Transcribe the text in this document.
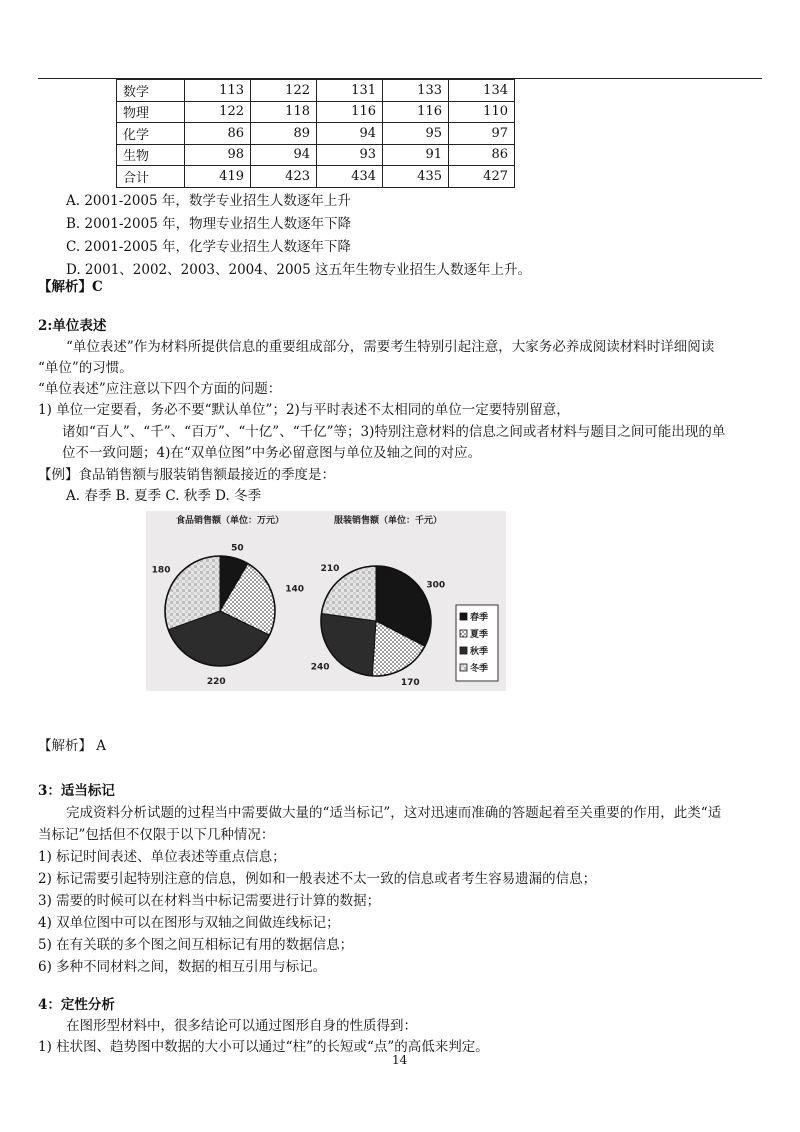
数学	113	122	131	133	134
物理	122	118	116	116	110
化学	86	89	94	95	97
生物	98	94	93	91	86
合计	419	423	434	435	427
A. 2001-2005 年，数学专业招生人数逐年上升
B. 2001-2005 年，物理专业招生人数逐年下降
C. 2001-2005 年，化学专业招生人数逐年下降
D. 2001、2002、2003、2004、2005 这五年生物专业招生人数逐年上升。
【解析】C
2:单位表述
“单位表述”作为材料所提供信息的重要组成部分，需要考生特别引起注意，大家务必养成阅读材料时详细阅读
“单位”的习惯。
“单位表述”应注意以下四个方面的问题：
1) 单位一定要看，务必不要“默认单位”；2)与平时表述不太相同的单位一定要特别留意，
诸如“百人”、“千”、“百万”、“十亿”、“千亿”等；3)特别注意材料的信息之间或者材料与题目之间可能出现的单
位不一致问题；4)在“双单位图”中务必留意图与单位及轴之间的对应。
【例】食品销售额与服装销售额最接近的季度是：
A. 春季 B. 夏季 C. 秋季 D. 冬季
食品销售额（单位：万元）
50
140
220
180
服装销售额（单位：千元）
300
170
240
210
春季
夏季
秋季
冬季
【解析】 A
3：适当标记
完成资料分析试题的过程当中需要做大量的“适当标记”，这对迅速而准确的答题起着至关重要的作用，此类“适
当标记”包括但不仅限于以下几种情况：
1) 标记时间表述、单位表述等重点信息；
2) 标记需要引起特别注意的信息，例如和一般表述不太一致的信息或者考生容易遗漏的信息；
3) 需要的时候可以在材料当中标记需要进行计算的数据；
4) 双单位图中可以在图形与双轴之间做连线标记；
5) 在有关联的多个图之间互相标记有用的数据信息；
6) 多种不同材料之间，数据的相互引用与标记。
4：定性分析
在图形型材料中，很多结论可以通过图形自身的性质得到：
1) 柱状图、趋势图中数据的大小可以通过“柱”的长短或“点”的高低来判定。
14
